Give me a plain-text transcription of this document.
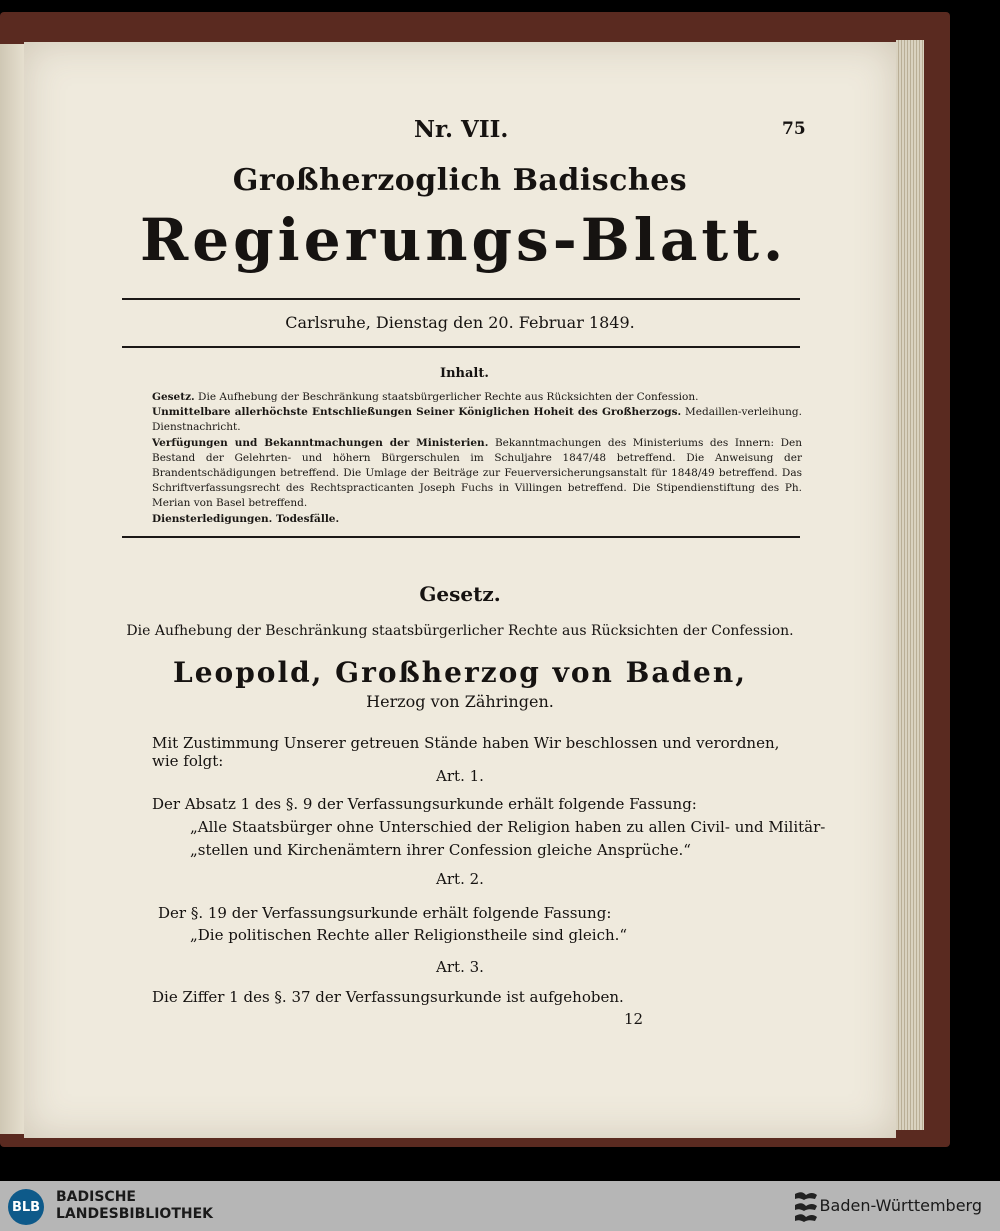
Nr. VII.	75
Großherzoglich Badisches
Regierungs-Blatt.
Carlsruhe, Dienstag den 20. Februar 1849.
Inhalt.
Gesetz. Die Aufhebung der Beschränkung staatsbürgerlicher Rechte aus Rücksichten der Confession.
Unmittelbare allerhöchste Entschließungen Seiner Königlichen Hoheit des Großherzogs. Medaillen-verleihung. Dienstnachricht.
Verfügungen und Bekanntmachungen der Ministerien. Bekanntmachungen des Ministeriums des Innern: Den Bestand der Gelehrten- und höhern Bürgerschulen im Schuljahre 1847/48 betreffend. Die Anweisung der Brandentschädigungen betreffend. Die Umlage der Beiträge zur Feuerversicherungsanstalt für 1848/49 betreffend. Das Schriftverfassungsrecht des Rechtspracticanten Joseph Fuchs in Villingen betreffend. Die Stipendienstiftung des Ph. Merian von Basel betreffend.
Diensterledigungen. Todesfälle.
Gesetz.
Die Aufhebung der Beschränkung staatsbürgerlicher Rechte aus Rücksichten der Confession.
Leopold, Großherzog von Baden,
Herzog von Zähringen.
Mit Zustimmung Unserer getreuen Stände haben Wir beschlossen und verordnen, wie folgt:
Art. 1.
Der Absatz 1 des §. 9 der Verfassungsurkunde erhält folgende Fassung:
„Alle Staatsbürger ohne Unterschied der Religion haben zu allen Civil- und Militär-
„stellen und Kirchenämtern ihrer Confession gleiche Ansprüche.“
Art. 2.
Der §. 19 der Verfassungsurkunde erhält folgende Fassung:
„Die politischen Rechte aller Religionstheile sind gleich.“
Art. 3.
Die Ziffer 1 des §. 37 der Verfassungsurkunde ist aufgehoben.
12
BLB
BADISCHE
LANDESBIBLIOTHEK	Baden-Württemberg
